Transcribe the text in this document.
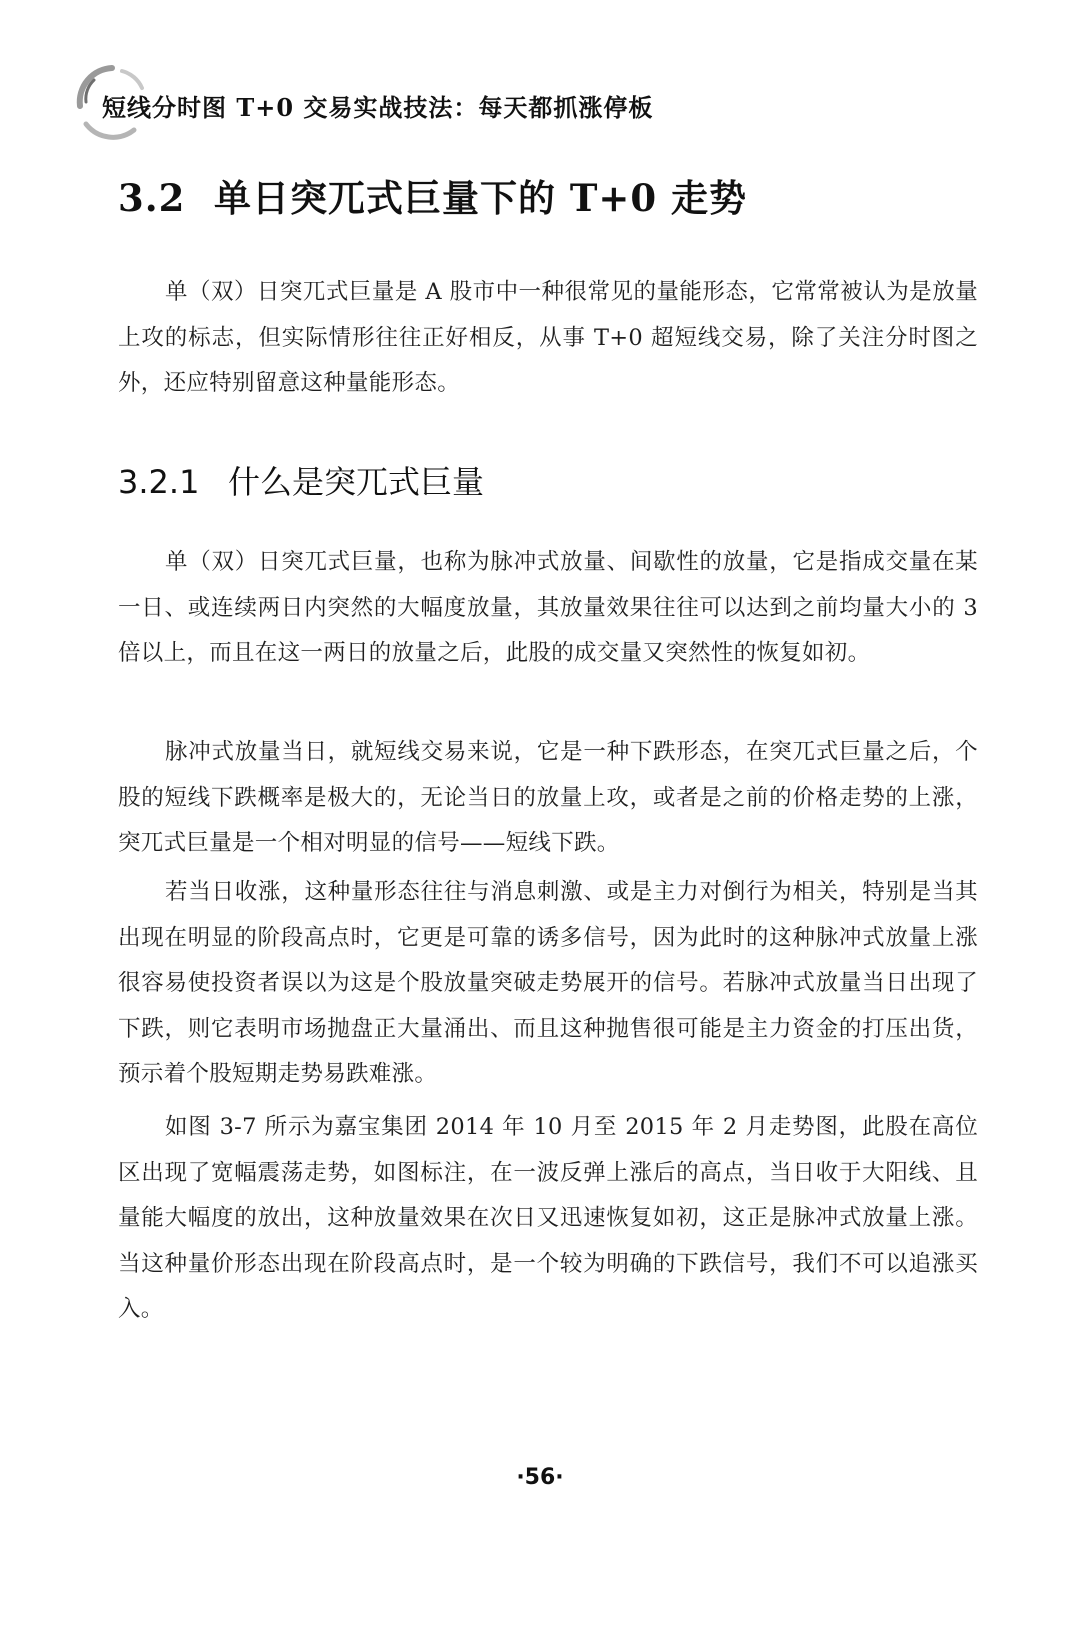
短线分时图 T+0 交易实战技法：每天都抓涨停板
3.2 单日突兀式巨量下的 T+0 走势

单（双）日突兀式巨量是 A 股市中一种很常见的量能形态，它常常被认为是放量上攻的标志，但实际情形往往正好相反，从事 T+0 超短线交易，除了关注分时图之外，还应特别留意这种量能形态。

3.2.1 什么是突兀式巨量

单（双）日突兀式巨量，也称为脉冲式放量、间歇性的放量，它是指成交量在某一日、或连续两日内突然的大幅度放量，其放量效果往往可以达到之前均量大小的 3 倍以上，而且在这一两日的放量之后，此股的成交量又突然性的恢复如初。

脉冲式放量当日，就短线交易来说，它是一种下跌形态，在突兀式巨量之后，个股的短线下跌概率是极大的，无论当日的放量上攻，或者是之前的价格走势的上涨，突兀式巨量是一个相对明显的信号——短线下跌。

若当日收涨，这种量形态往往与消息刺激、或是主力对倒行为相关，特别是当其出现在明显的阶段高点时，它更是可靠的诱多信号，因为此时的这种脉冲式放量上涨很容易使投资者误以为这是个股放量突破走势展开的信号。若脉冲式放量当日出现了下跌，则它表明市场抛盘正大量涌出、而且这种抛售很可能是主力资金的打压出货，预示着个股短期走势易跌难涨。

如图 3-7 所示为嘉宝集团 2014 年 10 月至 2015 年 2 月走势图，此股在高位区出现了宽幅震荡走势，如图标注，在一波反弹上涨后的高点，当日收于大阳线、且量能大幅度的放出，这种放量效果在次日又迅速恢复如初，这正是脉冲式放量上涨。当这种量价形态出现在阶段高点时，是一个较为明确的下跌信号，我们不可以追涨买入。

·56·
